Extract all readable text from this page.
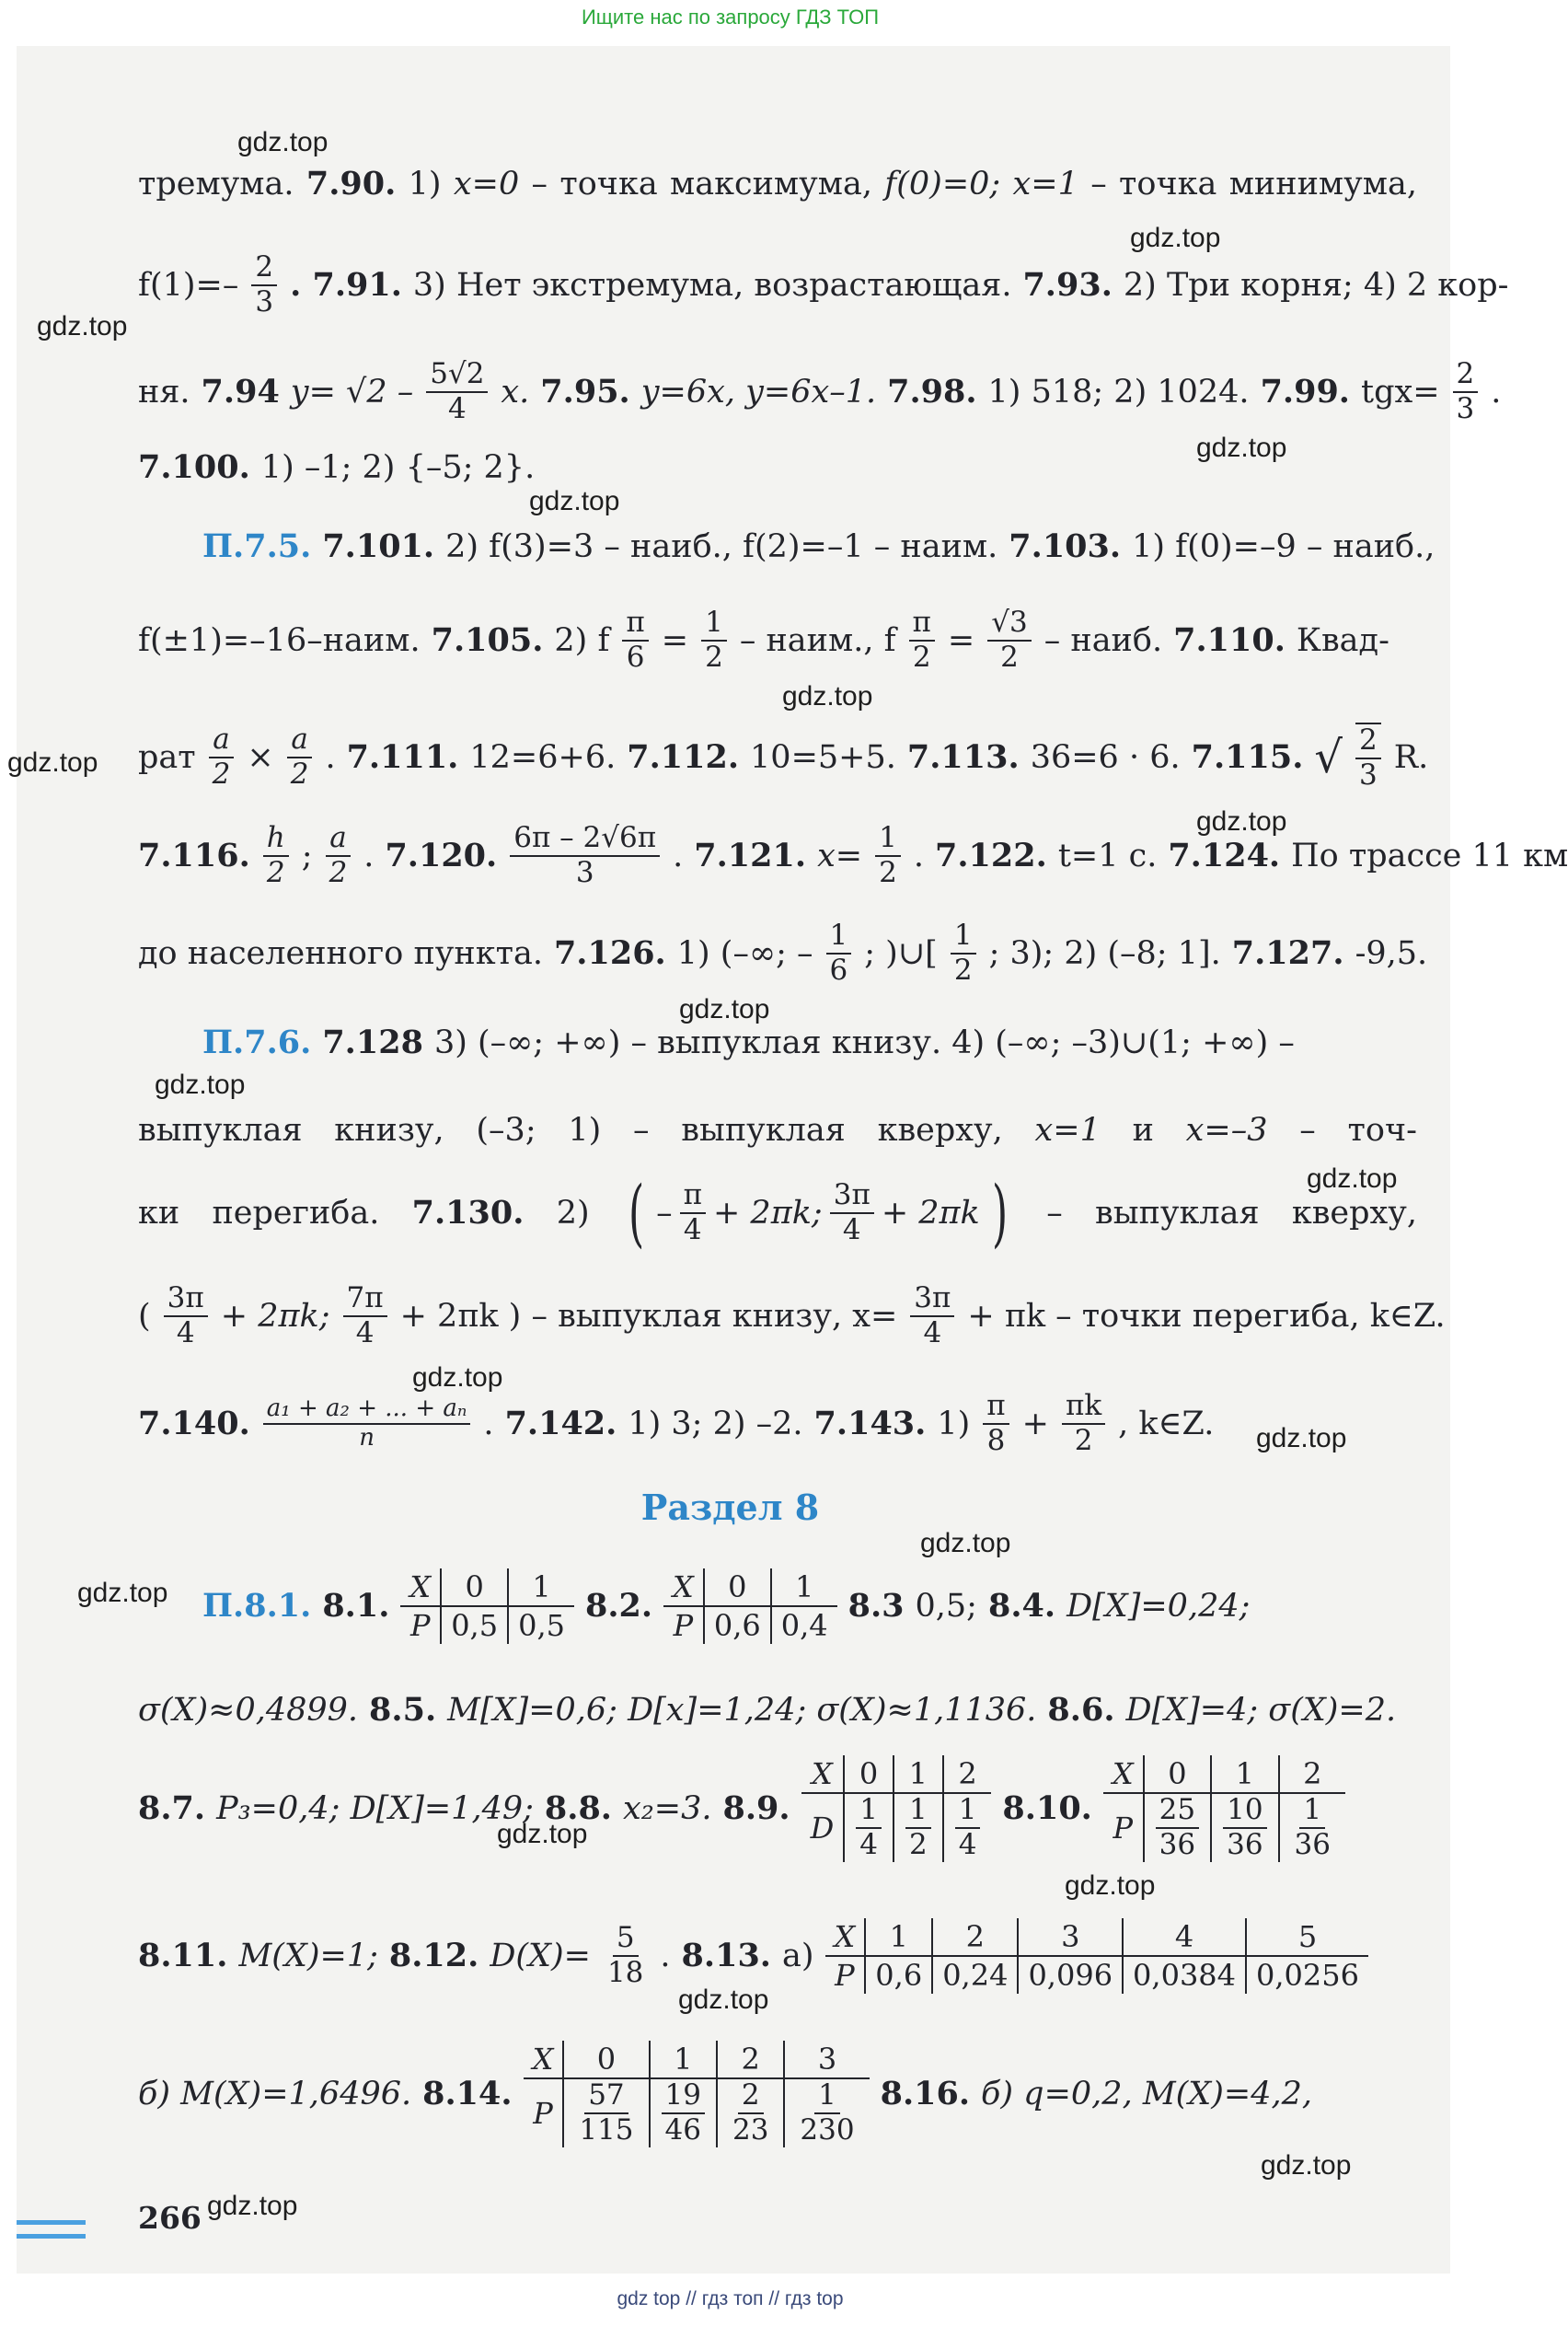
Ищите нас по запросу ГДЗ ТОП
тремума. 7.90. 1) x=0 – точка максимума, f(0)=0; x=1 – точка минимума,
$f(1)=- \frac{2}{3}$ . 7.91. 3) Нет экстремума, возрастающая. 7.93. 2) Три корня; 4) 2 кор-
ня. 7.94 $y= √2 - \frac{5√2}{4} x$. 7.95. y=6x, y=6x–1. 7.98. 1) 518; 2) 1024. 7.99. $tgx= \frac{2}{3}$ .
7.100. 1) –1; 2) {–5; 2}.
П.7.5. 7.101. 2) f(3)=3 – наиб., f(2)=–1 – наим. 7.103. 1) f(0)=–9 – наиб.,
f(±1)=–16–наим. 7.105. 2) f $\frac{\pi}{6} = \frac{1}{2}$ – наим., f $\frac{\pi}{2} = \frac{√3}{2}$ – наиб. 7.110. Квад-
рат $\frac{a}{2} \times \frac{a}{2}$ . 7.111. 12=6+6. 7.112. 10=5+5. 7.113. 36=6 · 6. 7.115. √ $\frac{2}{3} R$.
7.116. $\frac{h}{2}$ ; $\frac{a}{2}$ . 7.120. $\frac{6\pi - 2√6\pi}{3}$ . 7.121. $x= \frac{1}{2}$ . 7.122. t=1 с. 7.124. По трассе 11 км
до населенного пункта. 7.126. 1) (–∞; – $\frac{1}{6}$ ; )∪[ $\frac{1}{2}$ ; 3); 2) (–8; 1]. 7.127. -9,5.
П.7.6. 7.128 3) (–∞; +∞) – выпуклая книзу. 4) (–∞; –3)∪(1; +∞) –
выпуклая книзу, (–3; 1) – выпуклая кверху, x=1 и x=–3 – точ-
ки перегиба. 7.130. 2) ( – $\frac{\pi}{4} + 2\pi k$; $\frac{3\pi}{4} + 2\pi k$ ) – выпуклая кверху,
( $\frac{3\pi}{4} + 2\pi k$; $\frac{7\pi}{4} + 2\pi k$ ) – выпуклая книзу, $x= \frac{3\pi}{4} + \pi k$ – точки перегиба, k∈Z.
7.140. $\frac{\text{a₁ + a₂ + ... + aₙ}}{n}$ . 7.142. 1) 3; 2) –2. 7.143. $1) \frac{\pi}{8} + \frac{\pi k}{2}$ , k∈Z.
Раздел 8
П.8.1. 8.1. X	0	1
P	0,5	0,5
8.2. X	0	1
P	0,6	0,4
8.3 0,5; 8.4. D[X]=0,24;
σ(X)≈0,4899. 8.5. M[X]=0,6; D[x]=1,24; σ(X)≈1,1136. 8.6. D[X]=4; σ(X)=2.
8.7. P₃=0,4; D[X]=1,49; 8.8. x₂=3. 8.9.
X	0	1	2
D	$\frac{1}{4}$	$\frac{1}{2}$	$\frac{1}{4} 8.10$.
X	0	1	2
P	$\frac{25}{36}$	$\frac{10}{36}$	$\frac{1}{36}$
8.11. M(X)=1; 8.12. $D(X)= \frac{5}{18}$ . 8.13. а)
X	1	2	3	4	5
P	0,6	0,24	0,096	0,0384	0,0256
б) M(X)=1,6496. 8.14.
X	0	1	2	3
P	$\frac{57}{115}$	$\frac{19}{46}$	$\frac{2}{23}$	$\frac{1}{230} 8.16$. б) q=0,2, M(X)=4,2,
266
gdz.top
gdz.top
gdz.top
gdz.top
gdz.top
gdz.top
gdz.top
gdz.top
gdz.top
gdz.top
gdz.top
gdz.top
gdz.top
gdz.top
gdz.top
gdz.top
gdz.top
gdz.top
gdz.top
gdz.top
gdz top // гдз топ // гдз top
